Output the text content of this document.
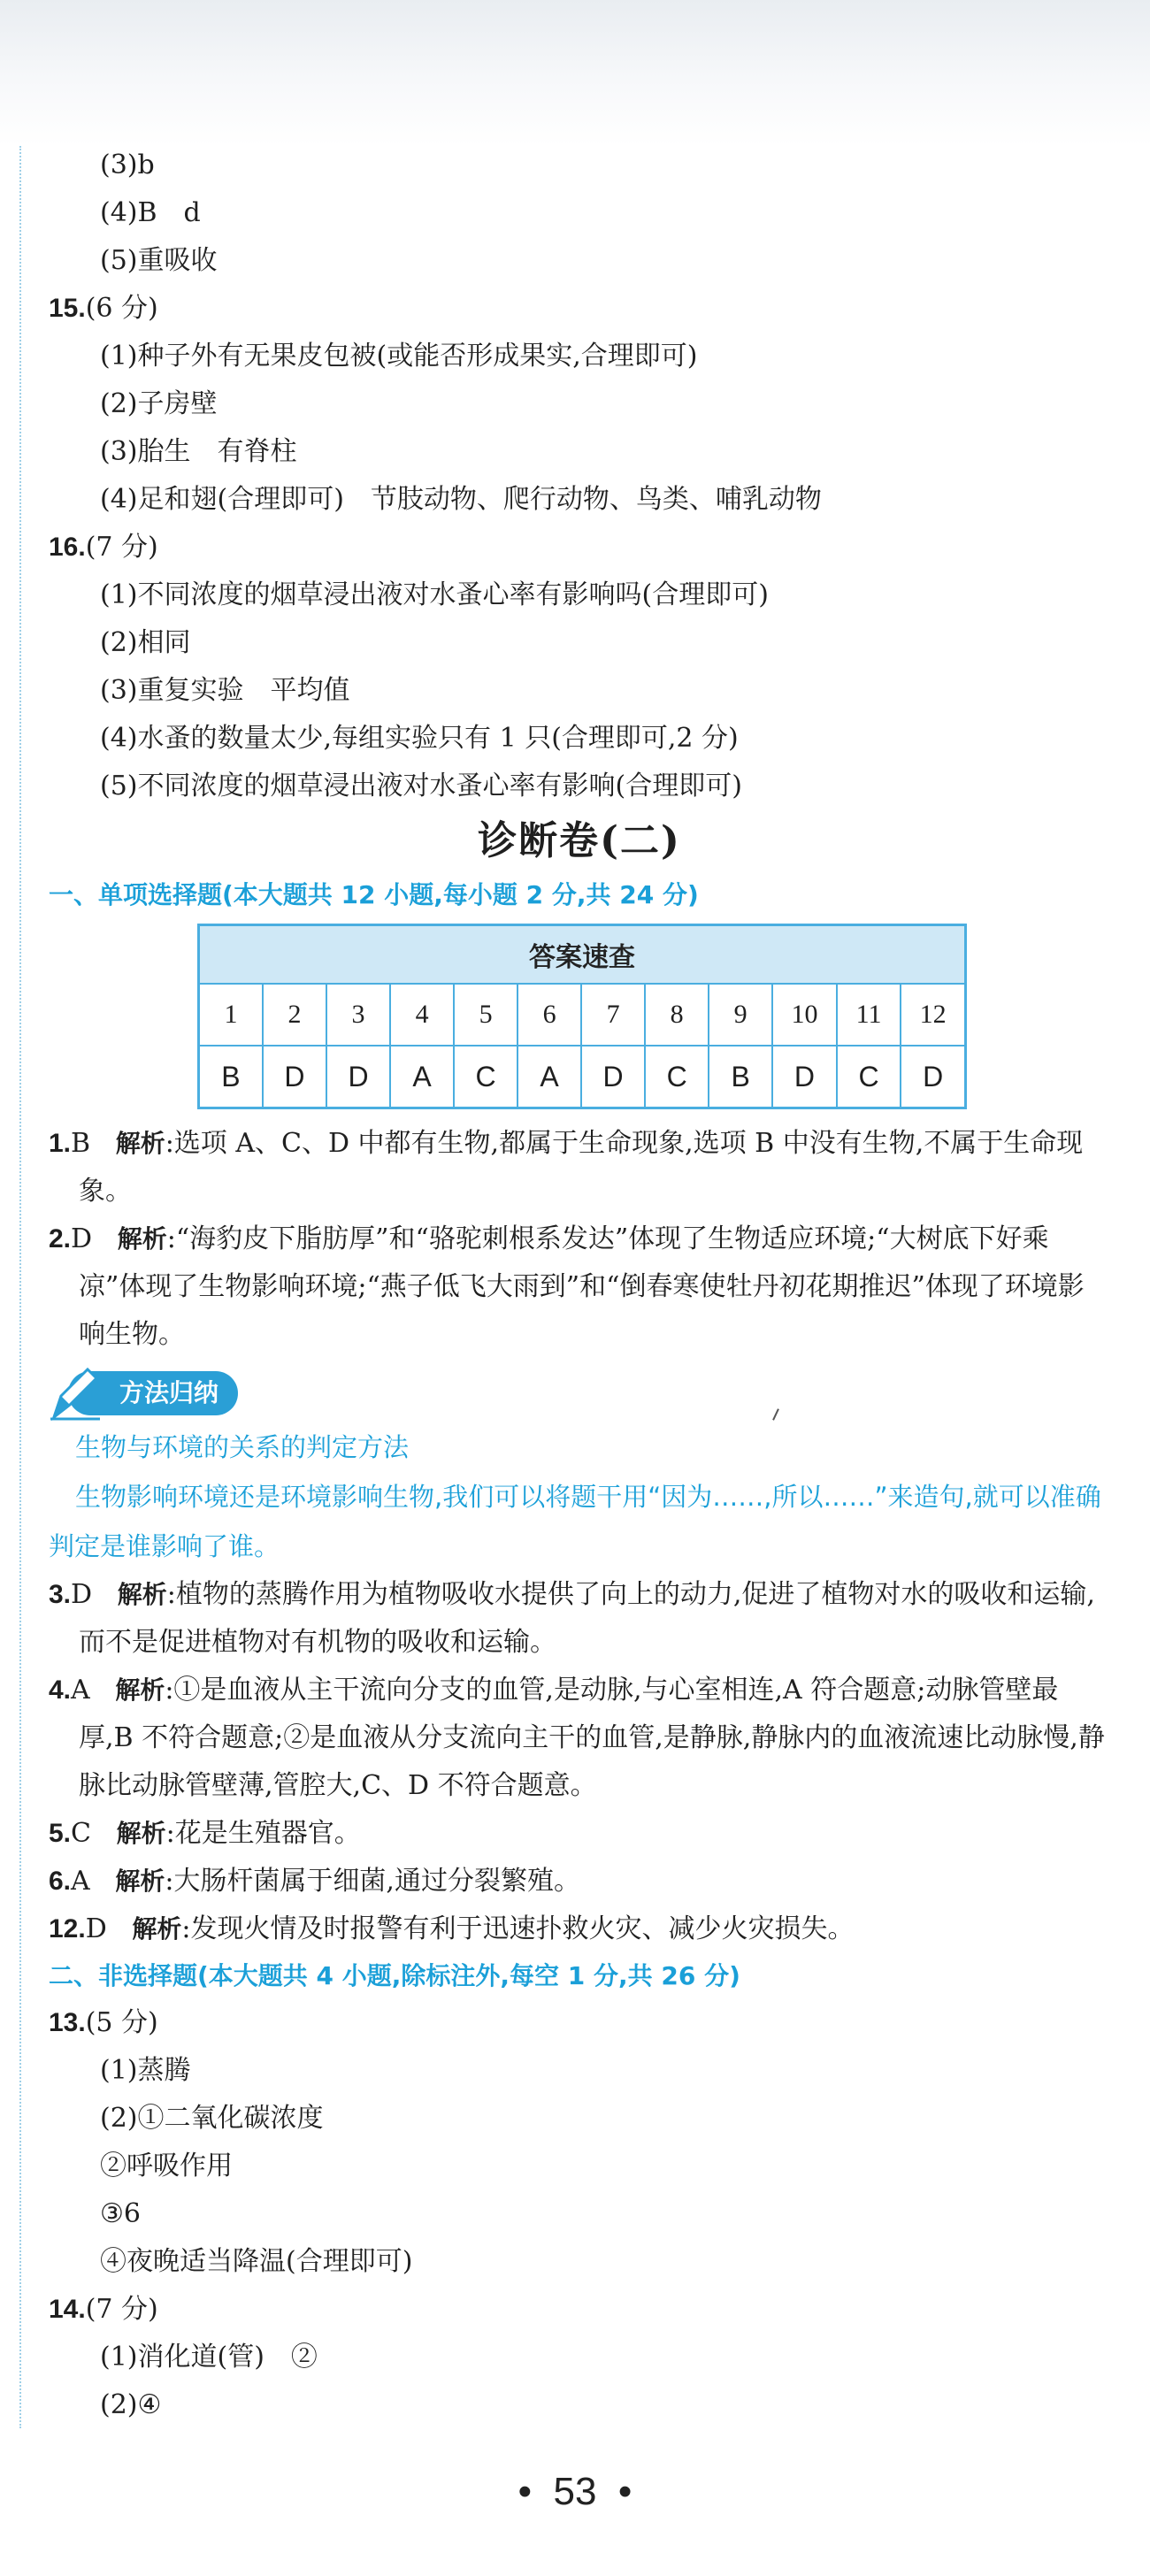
(3)b
(4)B　d
(5)重吸收
15.(6 分)
(1)种子外有无果皮包被(或能否形成果实,合理即可)
(2)子房壁
(3)胎生　有脊柱
(4)足和翅(合理即可)　节肢动物、爬行动物、鸟类、哺乳动物
16.(7 分)
(1)不同浓度的烟草浸出液对水蚤心率有影响吗(合理即可)
(2)相同
(3)重复实验　平均值
(4)水蚤的数量太少,每组实验只有 1 只(合理即可,2 分)
(5)不同浓度的烟草浸出液对水蚤心率有影响(合理即可)
诊断卷(二)
一、单项选择题(本大题共 12 小题,每小题 2 分,共 24 分)
答案速查											
1	2	3	4	5	6	7	8	9	10	11	12
B	D	D	A	C	A	D	C	B	D	C	D
1.B 解析:选项 A、C、D 中都有生物,都属于生命现象,选项 B 中没有生物,不属于生命现象。
2.D 解析:“海豹皮下脂肪厚”和“骆驼刺根系发达”体现了生物适应环境;“大树底下好乘凉”体现了生物影响环境;“燕子低飞大雨到”和“倒春寒使牡丹初花期推迟”体现了环境影响生物。
方法归纳
生物与环境的关系的判定方法
生物影响环境还是环境影响生物,我们可以将题干用“因为……,所以……”来造句,就可以准确判定是谁影响了谁。
3.D 解析:植物的蒸腾作用为植物吸收水提供了向上的动力,促进了植物对水的吸收和运输,而不是促进植物对有机物的吸收和运输。
4.A 解析:①是血液从主干流向分支的血管,是动脉,与心室相连,A 符合题意;动脉管壁最厚,B 不符合题意;②是血液从分支流向主干的血管,是静脉,静脉内的血液流速比动脉慢,静脉比动脉管壁薄,管腔大,C、D 不符合题意。
5.C 解析:花是生殖器官。
6.A 解析:大肠杆菌属于细菌,通过分裂繁殖。
12.D 解析:发现火情及时报警有利于迅速扑救火灾、减少火灾损失。
二、非选择题(本大题共 4 小题,除标注外,每空 1 分,共 26 分)
13.(5 分)
(1)蒸腾
(2)①二氧化碳浓度
②呼吸作用
③6
④夜晚适当降温(合理即可)
14.(7 分)
(1)消化道(管)　②
(2)④
•  53  •
